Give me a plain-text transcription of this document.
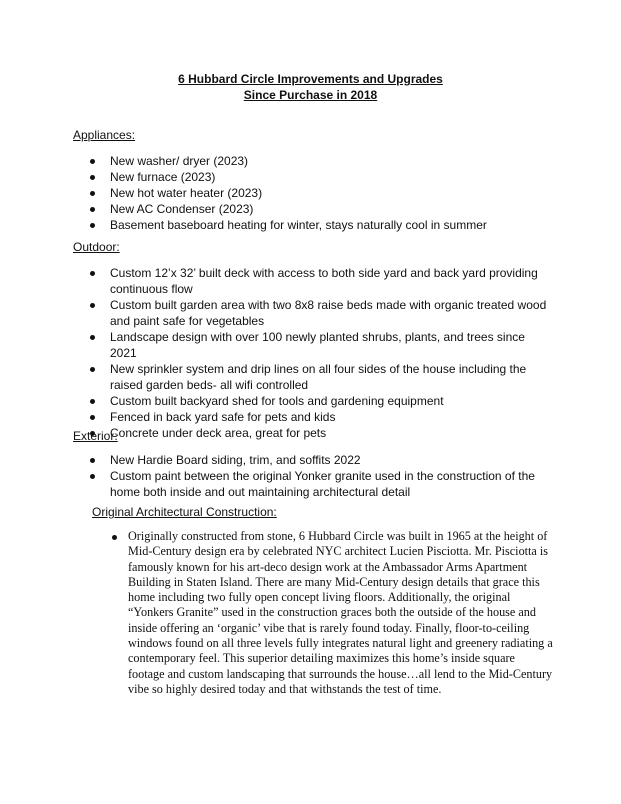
6 Hubbard Circle Improvements and Upgrades
Since Purchase in 2018
Appliances:
New washer/ dryer (2023)
New furnace (2023)
New hot water heater (2023)
New AC Condenser (2023)
Basement baseboard heating for winter, stays naturally cool in summer
Outdoor:
Custom 12’x 32’ built deck with access to both side yard and back yard providing continuous flow
Custom built garden area with two 8x8 raise beds made with organic treated wood and paint safe for vegetables
Landscape design with over 100 newly planted shrubs, plants, and trees since 2021
New sprinkler system and drip lines on all four sides of the house including the raised garden beds- all wifi controlled
Custom built backyard shed for tools and gardening equipment
Fenced in back yard safe for pets and kids
Concrete under deck area, great for pets
Exterior:
New Hardie Board siding, trim, and soffits 2022
Custom paint between the original Yonker granite used in the construction of the home both inside and out maintaining architectural detail
Original Architectural Construction:
Originally constructed from stone, 6 Hubbard Circle was built in 1965 at the height of Mid-Century design era by celebrated NYC architect Lucien Pisciotta. Mr. Pisciotta is famously known for his art-deco design work at the Ambassador Arms Apartment Building in Staten Island. There are many Mid-Century design details that grace this home including two fully open concept living floors. Additionally, the original “Yonkers Granite” used in the construction graces both the outside of the house and inside offering an ‘organic’ vibe that is rarely found today. Finally, floor-to-ceiling windows found on all three levels fully integrates natural light and greenery radiating a contemporary feel. This superior detailing maximizes this home’s inside square footage and custom landscaping that surrounds the house…all lend to the Mid-Century vibe so highly desired today and that withstands the test of time.
